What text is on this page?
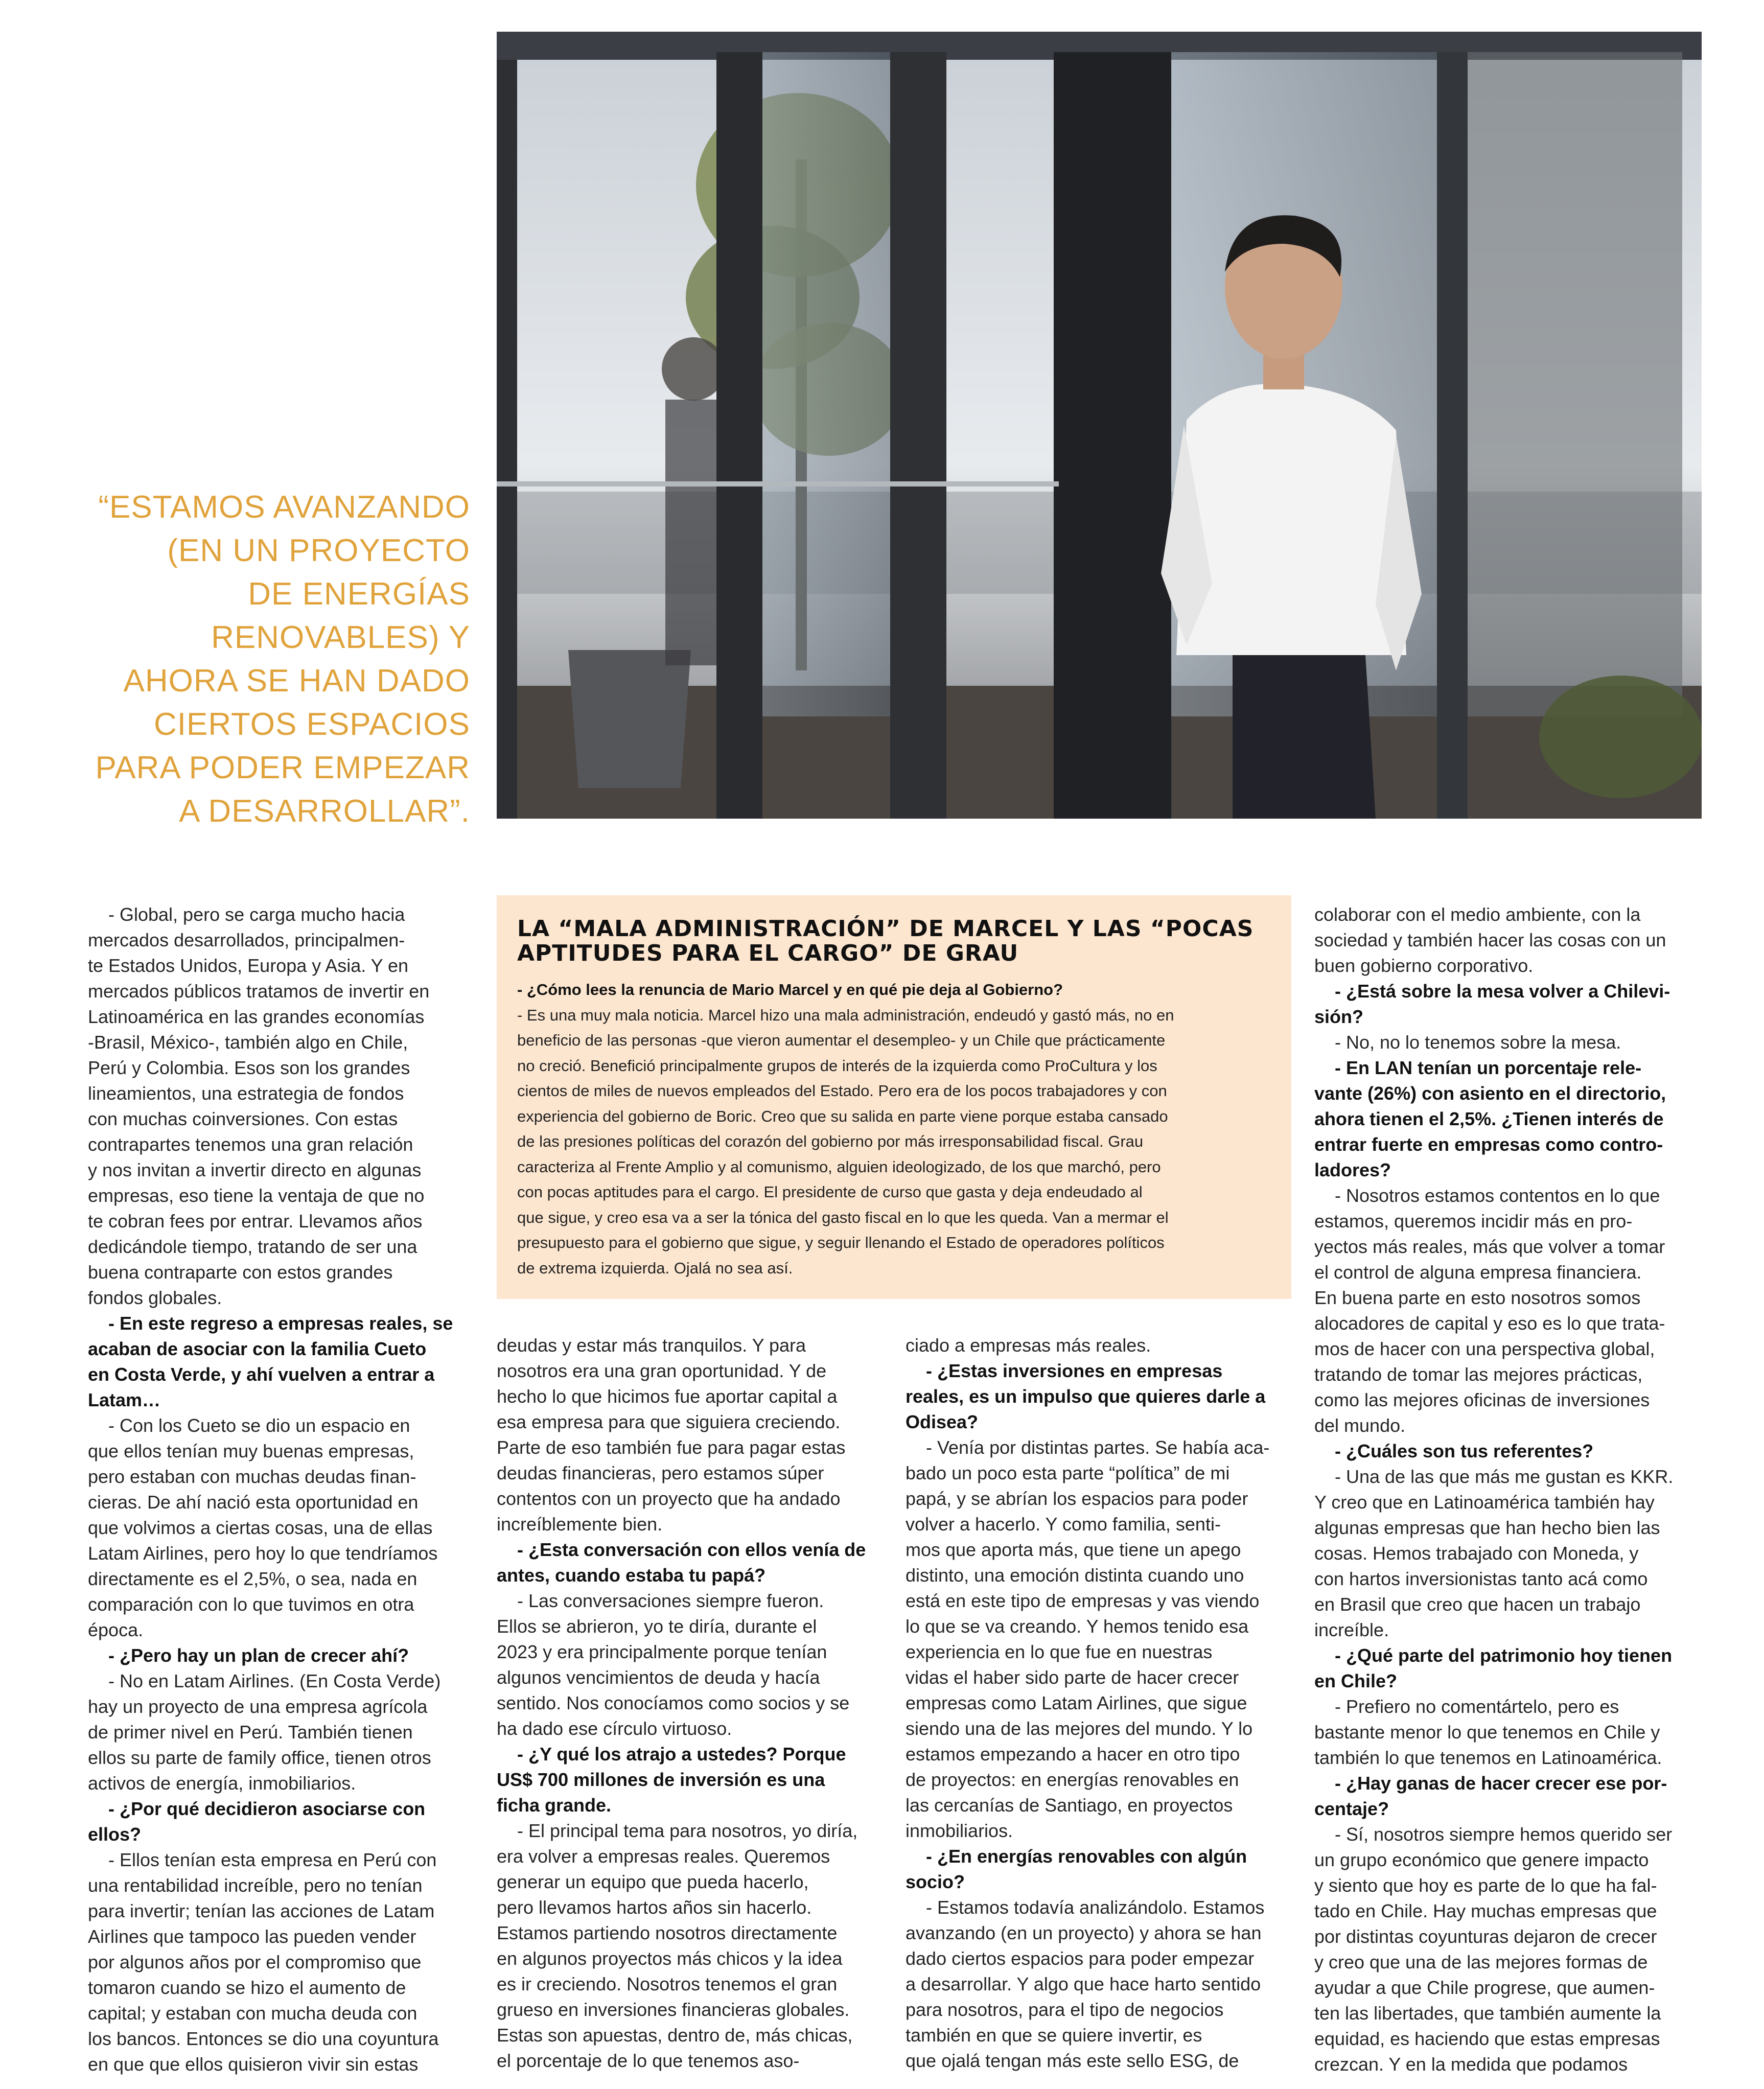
“ESTAMOS AVANZANDO
(EN UN PROYECTO
DE ENERGÍAS
RENOVABLES) Y
AHORA SE HAN DADO
CIERTOS ESPACIOS
PARA PODER EMPEZAR
A DESARROLLAR”.
LA “MALA ADMINISTRACIÓN” DE MARCEL Y LAS “POCAS
APTITUDES PARA EL CARGO” DE GRAU
- ¿Cómo lees la renuncia de Mario Marcel y en qué pie deja al Gobierno?
- Es una muy mala noticia. Marcel hizo una mala administración, endeudó y gastó más, no en
beneficio de las personas -que vieron aumentar el desempleo- y un Chile que prácticamente
no creció. Benefició principalmente grupos de interés de la izquierda como ProCultura y los
cientos de miles de nuevos empleados del Estado. Pero era de los pocos trabajadores y con
experiencia del gobierno de Boric. Creo que su salida en parte viene porque estaba cansado
de las presiones políticas del corazón del gobierno por más irresponsabilidad fiscal. Grau
caracteriza al Frente Amplio y al comunismo, alguien ideologizado, de los que marchó, pero
con pocas aptitudes para el cargo. El presidente de curso que gasta y deja endeudado al
que sigue, y creo esa va a ser la tónica del gasto fiscal en lo que les queda. Van a mermar el
presupuesto para el gobierno que sigue, y seguir llenando el Estado de operadores políticos
de extrema izquierda. Ojalá no sea así.
- Global, pero se carga mucho hacia
mercados desarrollados, principalmen-
te Estados Unidos, Europa y Asia. Y en
mercados públicos tratamos de invertir en
Latinoamérica en las grandes economías
-Brasil, México-, también algo en Chile,
Perú y Colombia. Esos son los grandes
lineamientos, una estrategia de fondos
con muchas coinversiones. Con estas
contrapartes tenemos una gran relación
y nos invitan a invertir directo en algunas
empresas, eso tiene la ventaja de que no
te cobran fees por entrar. Llevamos años
dedicándole tiempo, tratando de ser una
buena contraparte con estos grandes
fondos globales.
- En este regreso a empresas reales, se
acaban de asociar con la familia Cueto
en Costa Verde, y ahí vuelven a entrar a
Latam…
- Con los Cueto se dio un espacio en
que ellos tenían muy buenas empresas,
pero estaban con muchas deudas finan-
cieras. De ahí nació esta oportunidad en
que volvimos a ciertas cosas, una de ellas
Latam Airlines, pero hoy lo que tendríamos
directamente es el 2,5%, o sea, nada en
comparación con lo que tuvimos en otra
época.
- ¿Pero hay un plan de crecer ahí?
- No en Latam Airlines. (En Costa Verde)
hay un proyecto de una empresa agrícola
de primer nivel en Perú. También tienen
ellos su parte de family office, tienen otros
activos de energía, inmobiliarios.
- ¿Por qué decidieron asociarse con
ellos?
- Ellos tenían esta empresa en Perú con
una rentabilidad increíble, pero no tenían
para invertir; tenían las acciones de Latam
Airlines que tampoco las pueden vender
por algunos años por el compromiso que
tomaron cuando se hizo el aumento de
capital; y estaban con mucha deuda con
los bancos. Entonces se dio una coyuntura
en que que ellos quisieron vivir sin estas
deudas y estar más tranquilos. Y para
nosotros era una gran oportunidad. Y de
hecho lo que hicimos fue aportar capital a
esa empresa para que siguiera creciendo.
Parte de eso también fue para pagar estas
deudas financieras, pero estamos súper
contentos con un proyecto que ha andado
increíblemente bien.
- ¿Esta conversación con ellos venía de
antes, cuando estaba tu papá?
- Las conversaciones siempre fueron.
Ellos se abrieron, yo te diría, durante el
2023 y era principalmente porque tenían
algunos vencimientos de deuda y hacía
sentido. Nos conocíamos como socios y se
ha dado ese círculo virtuoso.
- ¿Y qué los atrajo a ustedes? Porque
US$ 700 millones de inversión es una
ficha grande.
- El principal tema para nosotros, yo diría,
era volver a empresas reales. Queremos
generar un equipo que pueda hacerlo,
pero llevamos hartos años sin hacerlo.
Estamos partiendo nosotros directamente
en algunos proyectos más chicos y la idea
es ir creciendo. Nosotros tenemos el gran
grueso en inversiones financieras globales.
Estas son apuestas, dentro de, más chicas,
el porcentaje de lo que tenemos aso-
ciado a empresas más reales.
- ¿Estas inversiones en empresas
reales, es un impulso que quieres darle a
Odisea?
- Venía por distintas partes. Se había aca-
bado un poco esta parte “política” de mi
papá, y se abrían los espacios para poder
volver a hacerlo. Y como familia, senti-
mos que aporta más, que tiene un apego
distinto, una emoción distinta cuando uno
está en este tipo de empresas y vas viendo
lo que se va creando. Y hemos tenido esa
experiencia en lo que fue en nuestras
vidas el haber sido parte de hacer crecer
empresas como Latam Airlines, que sigue
siendo una de las mejores del mundo. Y lo
estamos empezando a hacer en otro tipo
de proyectos: en energías renovables en
las cercanías de Santiago, en proyectos
inmobiliarios.
- ¿En energías renovables con algún
socio?
- Estamos todavía analizándolo. Estamos
avanzando (en un proyecto) y ahora se han
dado ciertos espacios para poder empezar
a desarrollar. Y algo que hace harto sentido
para nosotros, para el tipo de negocios
también en que se quiere invertir, es
que ojalá tengan más este sello ESG, de
colaborar con el medio ambiente, con la
sociedad y también hacer las cosas con un
buen gobierno corporativo.
- ¿Está sobre la mesa volver a Chilevi-
sión?
- No, no lo tenemos sobre la mesa.
- En LAN tenían un porcentaje rele-
vante (26%) con asiento en el directorio,
ahora tienen el 2,5%. ¿Tienen interés de
entrar fuerte en empresas como contro-
ladores?
- Nosotros estamos contentos en lo que
estamos, queremos incidir más en pro-
yectos más reales, más que volver a tomar
el control de alguna empresa financiera.
En buena parte en esto nosotros somos
alocadores de capital y eso es lo que trata-
mos de hacer con una perspectiva global,
tratando de tomar las mejores prácticas,
como las mejores oficinas de inversiones
del mundo.
- ¿Cuáles son tus referentes?
- Una de las que más me gustan es KKR.
Y creo que en Latinoamérica también hay
algunas empresas que han hecho bien las
cosas. Hemos trabajado con Moneda, y
con hartos inversionistas tanto acá como
en Brasil que creo que hacen un trabajo
increíble.
- ¿Qué parte del patrimonio hoy tienen
en Chile?
- Prefiero no comentártelo, pero es
bastante menor lo que tenemos en Chile y
también lo que tenemos en Latinoamérica.
- ¿Hay ganas de hacer crecer ese por-
centaje?
- Sí, nosotros siempre hemos querido ser
un grupo económico que genere impacto
y siento que hoy es parte de lo que ha fal-
tado en Chile. Hay muchas empresas que
por distintas coyunturas dejaron de crecer
y creo que una de las mejores formas de
ayudar a que Chile progrese, que aumen-
ten las libertades, que también aumente la
equidad, es haciendo que estas empresas
crezcan. Y en la medida que podamos
